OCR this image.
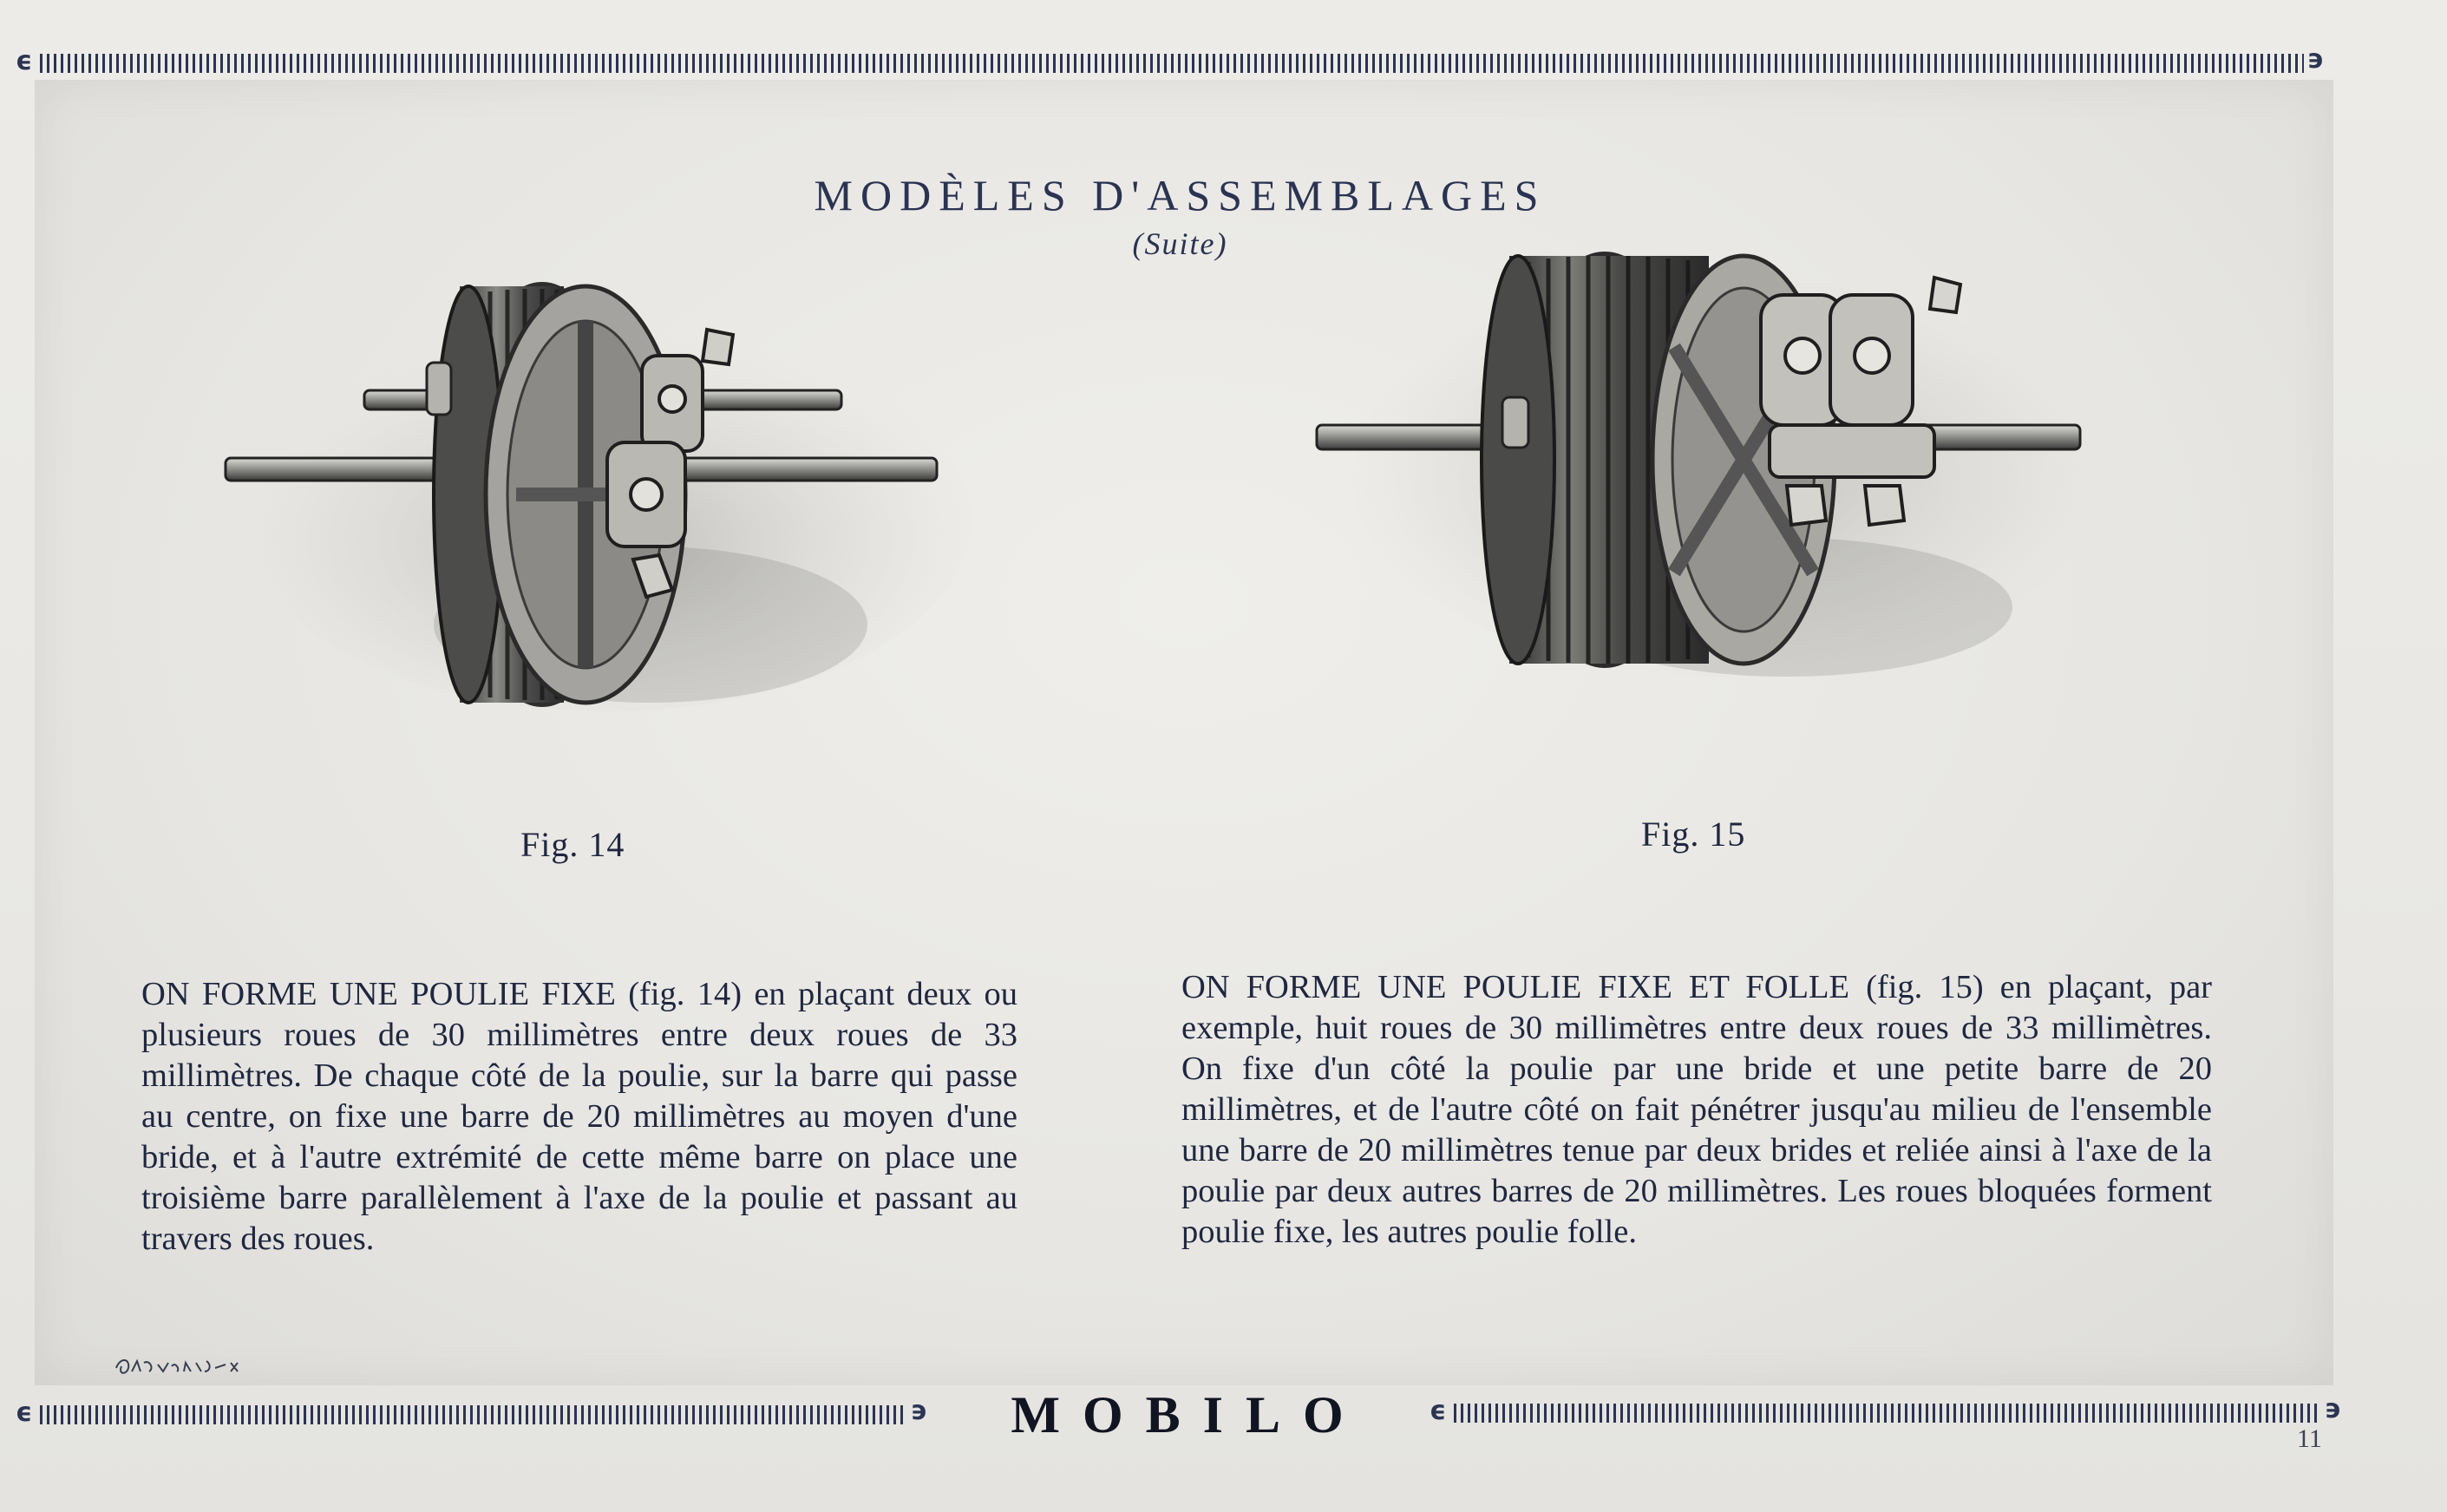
ϵ	϶
MODÈLES D'ASSEMBLAGES
(Suite)
Fig. 14	Fig. 15
ON FORME UNE POULIE FIXE (fig. 14) en plaçant deux ou plusieurs roues de 30 millimètres entre deux roues de 33 millimètres. De chaque côté de la poulie, sur la barre qui passe au centre, on fixe une barre de 20 millimètres au moyen d'une bride, et à l'autre extrémité de cette même barre on place une troisième barre parallèlement à l'axe de la poulie et passant au travers des roues.
ON FORME UNE POULIE FIXE ET FOLLE (fig. 15) en plaçant, par exemple, huit roues de 30 millimètres entre deux roues de 33 millimètres. On fixe d'un côté la poulie par une bride et une petite barre de 20 millimètres, et de l'autre côté on fait pénétrer jusqu'au milieu de l'ensemble une barre de 20 millimètres tenue par deux brides et reliée ainsi à l'axe de la poulie par deux autres barres de 20 millimètres. Les roues bloquées forment poulie fixe, les autres poulie folle.
ϵ	϶	MOBILO	ϵ	϶
11
